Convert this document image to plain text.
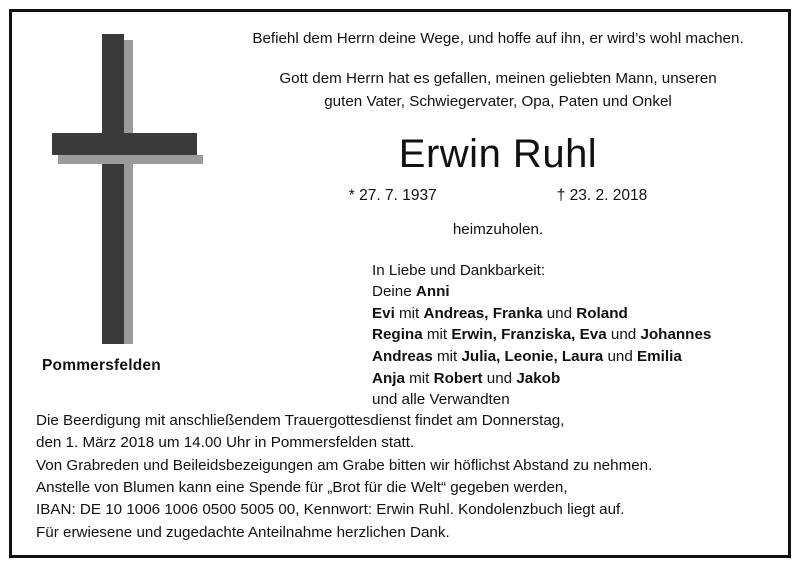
Pommersfelden
Befiehl dem Herrn deine Wege, und hoffe auf ihn, er wird’s wohl machen.
Gott dem Herrn hat es gefallen, meinen geliebten Mann, unseren
guten Vater, Schwiegervater, Opa, Paten und Onkel
Erwin Ruhl
* 27. 7. 1937	† 23. 2. 2018
heimzuholen.
In Liebe und Dankbarkeit:
Deine Anni
Evi mit Andreas, Franka und Roland
Regina mit Erwin, Franziska, Eva und Johannes
Andreas mit Julia, Leonie, Laura und Emilia
Anja mit Robert und Jakob
und alle Verwandten
Die Beerdigung mit anschließendem Trauergottesdienst findet am Donnerstag,
den 1. März 2018 um 14.00 Uhr in Pommersfelden statt.
Von Grabreden und Beileidsbezeigungen am Grabe bitten wir höflichst Abstand zu nehmen.
Anstelle von Blumen kann eine Spende für „Brot für die Welt“ gegeben werden,
IBAN: DE 10 1006 1006 0500 5005 00, Kennwort: Erwin Ruhl. Kondolenzbuch liegt auf.
Für erwiesene und zugedachte Anteilnahme herzlichen Dank.
